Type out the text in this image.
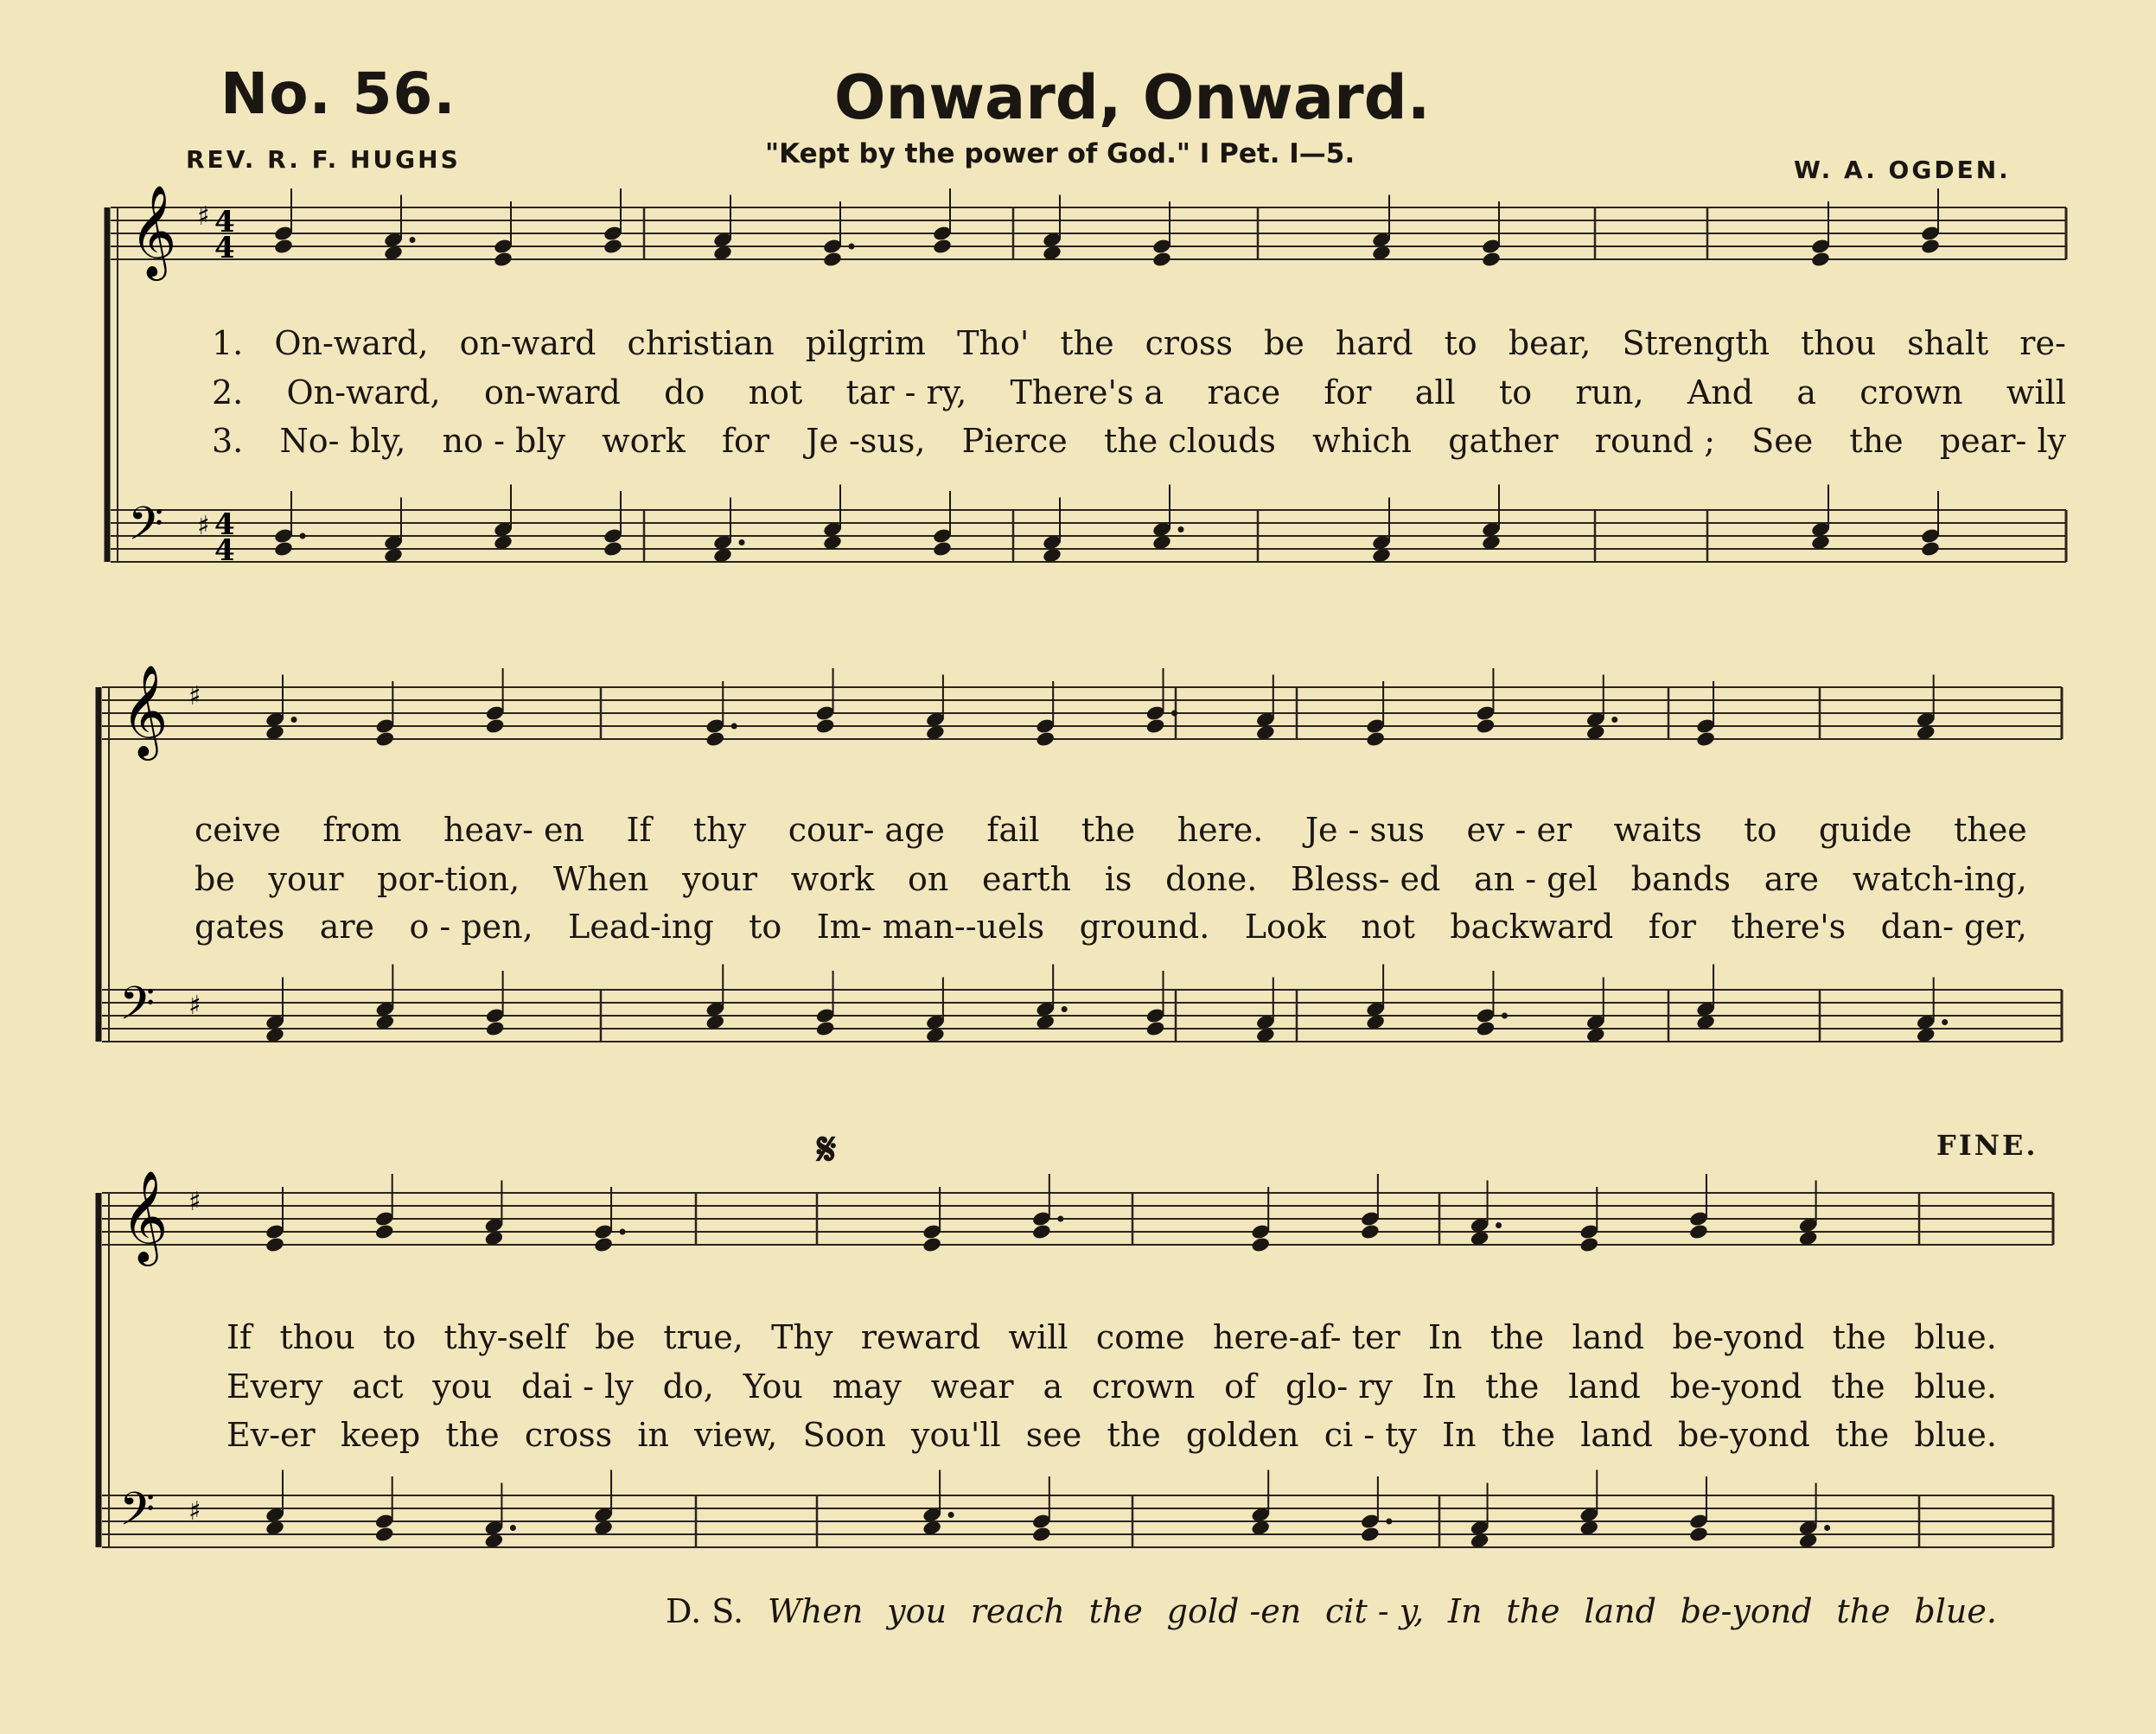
No. 56.	Onward, Onward.
REV. R. F. HUGHS	"Kept by the power of God." I Pet. I—5.
W. A. OGDEN.
𝄋	FINE.
𝄞
𝄢
♯
♯
4
4
4
4
𝄞
𝄢
♯
♯
𝄞
𝄢
♯
♯
1. On-ward, on-ward christian pilgrim Tho' the cross be hard to bear, Strength thou shalt re-
2. On-ward, on-ward do not tar - ry, There's a race for all to run, And a crown will
3. No- bly, no - bly work for Je -sus, Pierce the clouds which gather round ; See the pear- ly
ceive from heav- en If thy cour- age fail the here. Je - sus ev - er waits to guide thee
be your por-tion, When your work on earth is done. Bless- ed an - gel bands are watch-ing,
gates are o - pen, Lead-ing to Im- man--uels ground. Look not backward for there's dan- ger,
If thou to thy-self be true, Thy reward will come here-af- ter In the land be-yond the blue.
Every act you dai - ly do, You may wear a crown of glo- ry In the land be-yond the blue.
Ev-er keep the cross in view, Soon you'll see the golden ci - ty In the land be-yond the blue.
D. S. When you reach the gold -en cit - y, In the land be-yond the blue.
